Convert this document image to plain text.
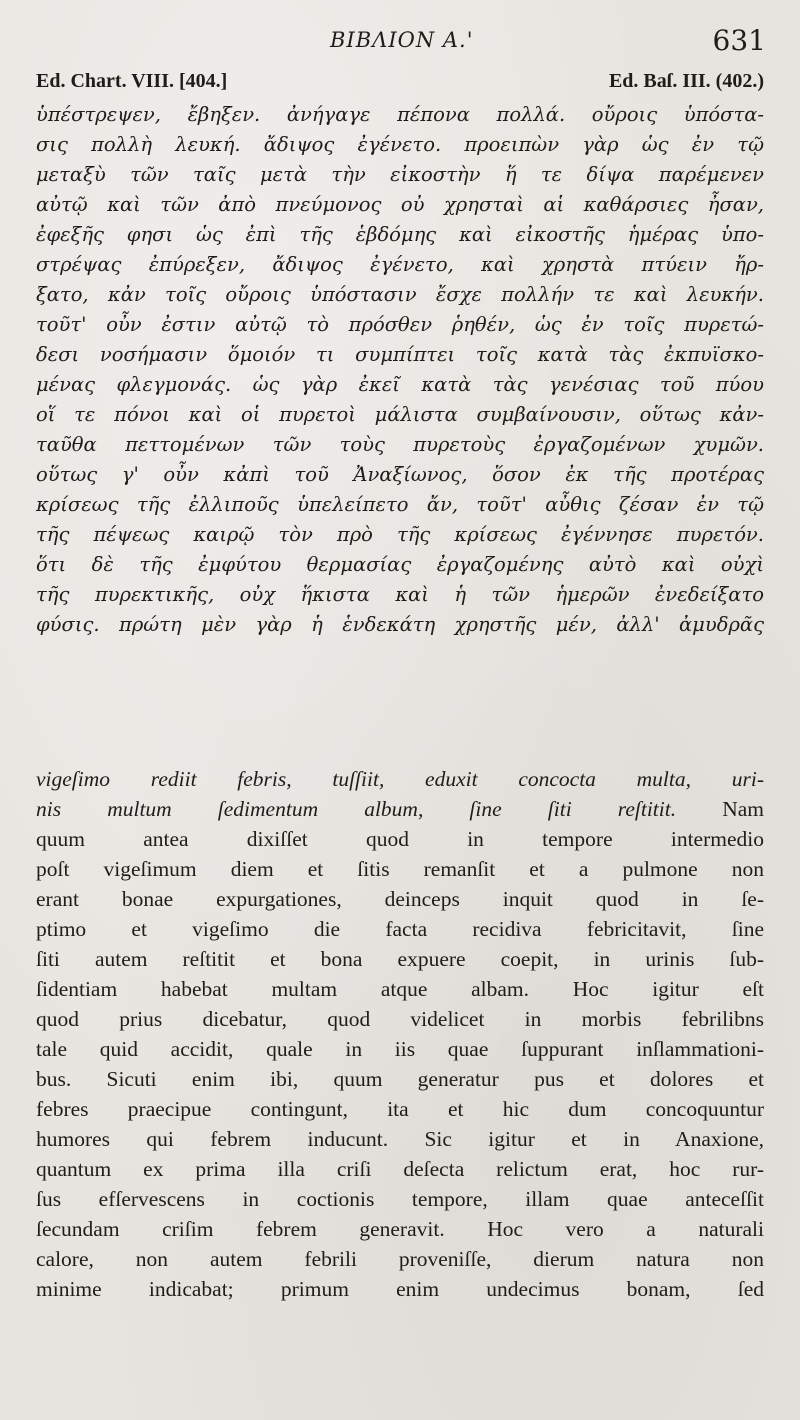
ΒΙΒΛΙΟΝ Α.'	631
Ed. Chart. VIII. [404.]	Ed. Baſ. III. (402.)
ὑπέστρεψεν, ἔβηξεν. ἀνήγαγε πέπονα πολλά. οὔροις ὑπόστα-
σις πολλὴ λευκή. ἄδιψος ἐγένετο. προειπὼν γὰρ ὡς ἐν τῷ
μεταξὺ τῶν ταῖς μετὰ τὴν εἰκοστὴν ἥ τε δίψα παρέμενεν
αὐτῷ καὶ τῶν ἀπὸ πνεύμονος οὐ χρησταὶ αἱ καθάρσιες ἦσαν,
ἐφεξῆς φησι ὡς ἐπὶ τῆς ἑβδόμης καὶ εἰκοστῆς ἡμέρας ὑπο-
στρέψας ἐπύρεξεν, ἄδιψος ἐγένετο, καὶ χρηστὰ πτύειν ἤρ-
ξατο, κἀν τοῖς οὔροις ὑπόστασιν ἔσχε πολλήν τε καὶ λευκήν.
τοῦτ' οὖν ἐστιν αὐτῷ τὸ πρόσθεν ῥηθέν, ὡς ἐν τοῖς πυρετώ-
δεσι νοσήμασιν ὅμοιόν τι συμπίπτει τοῖς κατὰ τὰς ἐκπυϊσκο-
μένας φλεγμονάς. ὡς γὰρ ἐκεῖ κατὰ τὰς γενέσιας τοῦ πύου
οἵ τε πόνοι καὶ οἱ πυρετοὶ μάλιστα συμβαίνουσιν, οὕτως κἀν-
ταῦθα πεττομένων τῶν τοὺς πυρετοὺς ἐργαζομένων χυμῶν.
οὕτως γ' οὖν κἀπὶ τοῦ Ἀναξίωνος, ὅσον ἐκ τῆς προτέρας
κρίσεως τῆς ἐλλιποῦς ὑπελείπετο ἄν, τοῦτ' αὖθις ζέσαν ἐν τῷ
τῆς πέψεως καιρῷ τὸν πρὸ τῆς κρίσεως ἐγέννησε πυρετόν.
ὅτι δὲ τῆς ἐμφύτου θερμασίας ἐργαζομένης αὐτὸ καὶ οὐχὶ
τῆς πυρεκτικῆς, οὐχ ἥκιστα καὶ ἡ τῶν ἡμερῶν ἐνεδείξατο
φύσις. πρώτη μὲν γὰρ ἡ ἑνδεκάτη χρηστῆς μέν, ἀλλ' ἀμυδρᾶς
vigeſimo rediit febris, tuſſiit, eduxit concocta multa, uri-
nis multum ſedimentum album, ſine ſiti reſtitit. Nam
quum antea dixiſſet quod in tempore intermedio
poſt vigeſimum diem et ſitis remanſit et a pulmone non
erant bonae expurgationes, deinceps inquit quod in ſe-
ptimo et vigeſimo die facta recidiva febricitavit, ſine
ſiti autem reſtitit et bona expuere coepit, in urinis ſub-
ſidentiam habebat multam atque albam. Hoc igitur eſt
quod prius dicebatur, quod videlicet in morbis febrilibns
tale quid accidit, quale in iis quae ſuppurant inſlammationi-
bus. Sicuti enim ibi, quum generatur pus et dolores et
febres praecipue contingunt, ita et hic dum concoquuntur
humores qui febrem inducunt. Sic igitur et in Anaxione,
quantum ex prima illa criſi deſecta relictum erat, hoc rur-
ſus efſervescens in coctionis tempore, illam quae anteceſſit
ſecundam criſim febrem generavit. Hoc vero a naturali
calore, non autem febrili proveniſſe, dierum natura non
minime indicabat; primum enim undecimus bonam, ſed
